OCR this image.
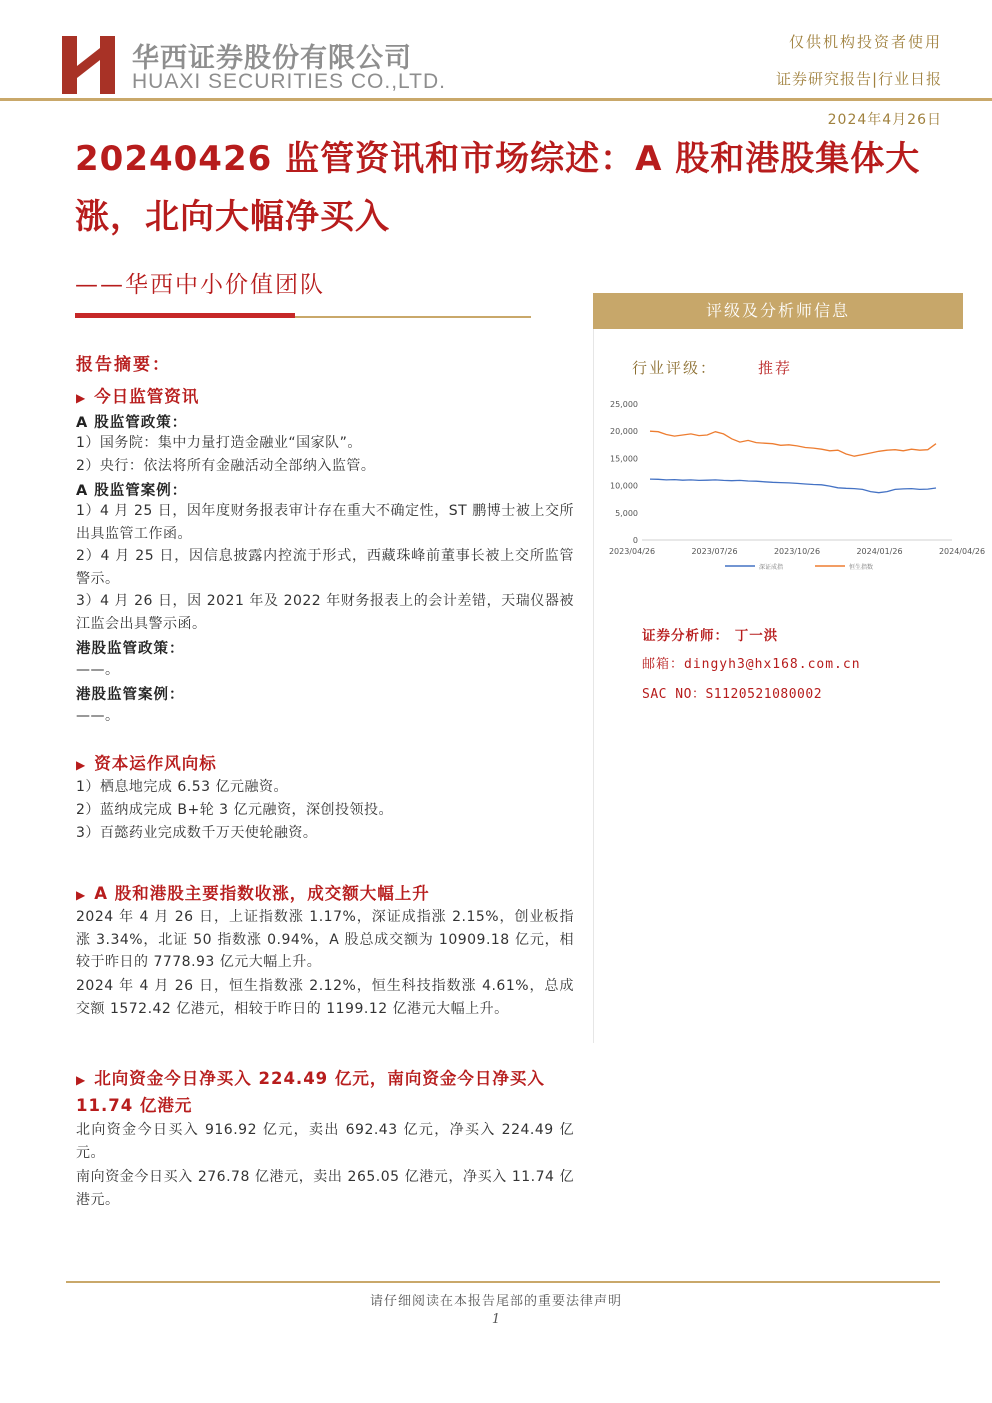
华西证券股份有限公司
HUAXI SECURITIES CO.,LTD.
仅供机构投资者使用
证券研究报告|行业日报
2024年4月26日
20240426 监管资讯和市场综述：A 股和港股集体大涨，北向大幅净买入
——华西中小价值团队
报告摘要：
▶ 今日监管资讯
A 股监管政策：
1）国务院：集中力量打造金融业“国家队”。
2）央行：依法将所有金融活动全部纳入监管。
A 股监管案例：
1）4 月 25 日，因年度财务报表审计存在重大不确定性，ST 鹏博士被上交所出具监管工作函。
2）4 月 25 日，因信息披露内控流于形式，西藏珠峰前董事长被上交所监管警示。
3）4 月 26 日，因 2021 年及 2022 年财务报表上的会计差错，天瑞仪器被江监会出具警示函。
港股监管政策：
——。
港股监管案例：
——。
▶ 资本运作风向标
1）栖息地完成 6.53 亿元融资。
2）蓝纳成完成 B+轮 3 亿元融资，深创投领投。
3）百懿药业完成数千万天使轮融资。
▶ A 股和港股主要指数收涨，成交额大幅上升
2024 年 4 月 26 日，上证指数涨 1.17%，深证成指涨 2.15%，创业板指涨 3.34%，北证 50 指数涨 0.94%，A 股总成交额为 10909.18 亿元，相较于昨日的 7778.93 亿元大幅上升。
2024 年 4 月 26 日，恒生指数涨 2.12%，恒生科技指数涨 4.61%，总成交额 1572.42 亿港元，相较于昨日的 1199.12 亿港元大幅上升。
▶ 北向资金今日净买入 224.49 亿元，南向资金今日净买入 11.74 亿港元
北向资金今日买入 916.92 亿元，卖出 692.43 亿元，净买入 224.49 亿元。
南向资金今日买入 276.78 亿港元，卖出 265.05 亿港元，净买入 11.74 亿港元。
评级及分析师信息
行业评级：	推荐
25,000
20,000
15,000
10,000
5,000
0
2023/04/26	2023/07/26	2023/10/26	2024/01/26	2024/04/26
深证成指	恒生指数
证券分析师： 丁一洪
邮箱：dingyh3@hx168.com.cn
SAC NO：S1120521080002
请仔细阅读在本报告尾部的重要法律声明
1
